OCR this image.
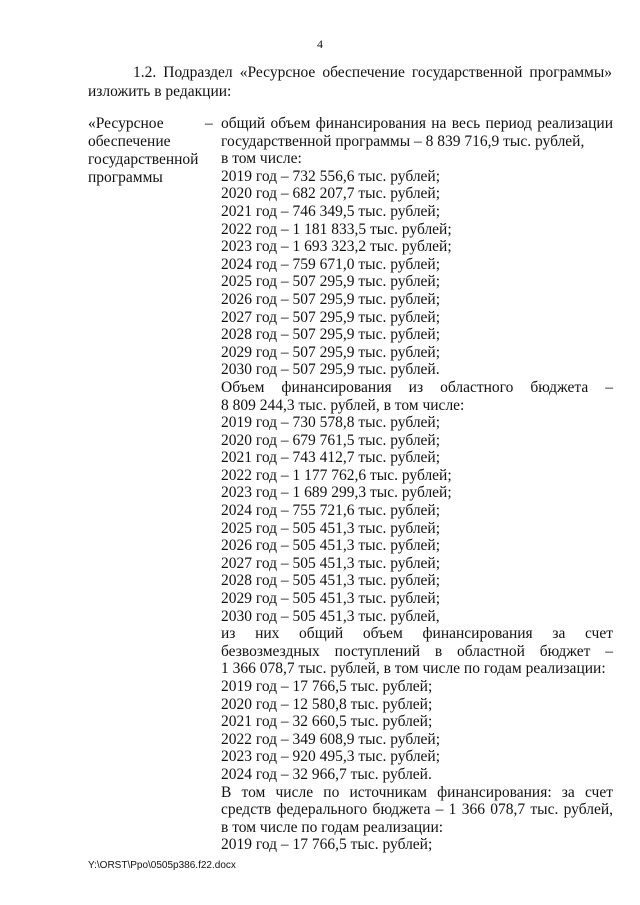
4

1.2. Подраздел «Ресурсное обеспечение государственной программы»

изложить в редакции:

«Ресурсное
обеспечение
государственной
программы
– общий объем финансирования на весь период реализации
государственной программы – 8 839 716,9 тыс. рублей,
в том числе:
2019 год – 732 556,6 тыс. рублей;
2020 год – 682 207,7 тыс. рублей;
2021 год – 746 349,5 тыс. рублей;
2022 год – 1 181 833,5 тыс. рублей;
2023 год – 1 693 323,2 тыс. рублей;
2024 год – 759 671,0 тыс. рублей;
2025 год – 507 295,9 тыс. рублей;
2026 год – 507 295,9 тыс. рублей;
2027 год – 507 295,9 тыс. рублей;
2028 год – 507 295,9 тыс. рублей;
2029 год – 507 295,9 тыс. рублей;
2030 год – 507 295,9 тыс. рублей.
Объем финансирования из областного бюджета –
8 809 244,3 тыс. рублей, в том числе:
2019 год – 730 578,8 тыс. рублей;
2020 год – 679 761,5 тыс. рублей;
2021 год – 743 412,7 тыс. рублей;
2022 год – 1 177 762,6 тыс. рублей;
2023 год – 1 689 299,3 тыс. рублей;
2024 год – 755 721,6 тыс. рублей;
2025 год – 505 451,3 тыс. рублей;
2026 год – 505 451,3 тыс. рублей;
2027 год – 505 451,3 тыс. рублей;
2028 год – 505 451,3 тыс. рублей;
2029 год – 505 451,3 тыс. рублей;
2030 год – 505 451,3 тыс. рублей,
из них общий объем финансирования за счет
безвозмездных поступлений в областной бюджет –
1 366 078,7 тыс. рублей, в том числе по годам реализации:
2019 год – 17 766,5 тыс. рублей;
2020 год – 12 580,8 тыс. рублей;
2021 год – 32 660,5 тыс. рублей;
2022 год – 349 608,9 тыс. рублей;
2023 год – 920 495,3 тыс. рублей;
2024 год – 32 966,7 тыс. рублей.
В том числе по источникам финансирования: за счет
средств федерального бюджета – 1 366 078,7 тыс. рублей,
в том числе по годам реализации:
2019 год – 17 766,5 тыс. рублей;
Y:\ORST\Ppo\0505p386.f22.docx
